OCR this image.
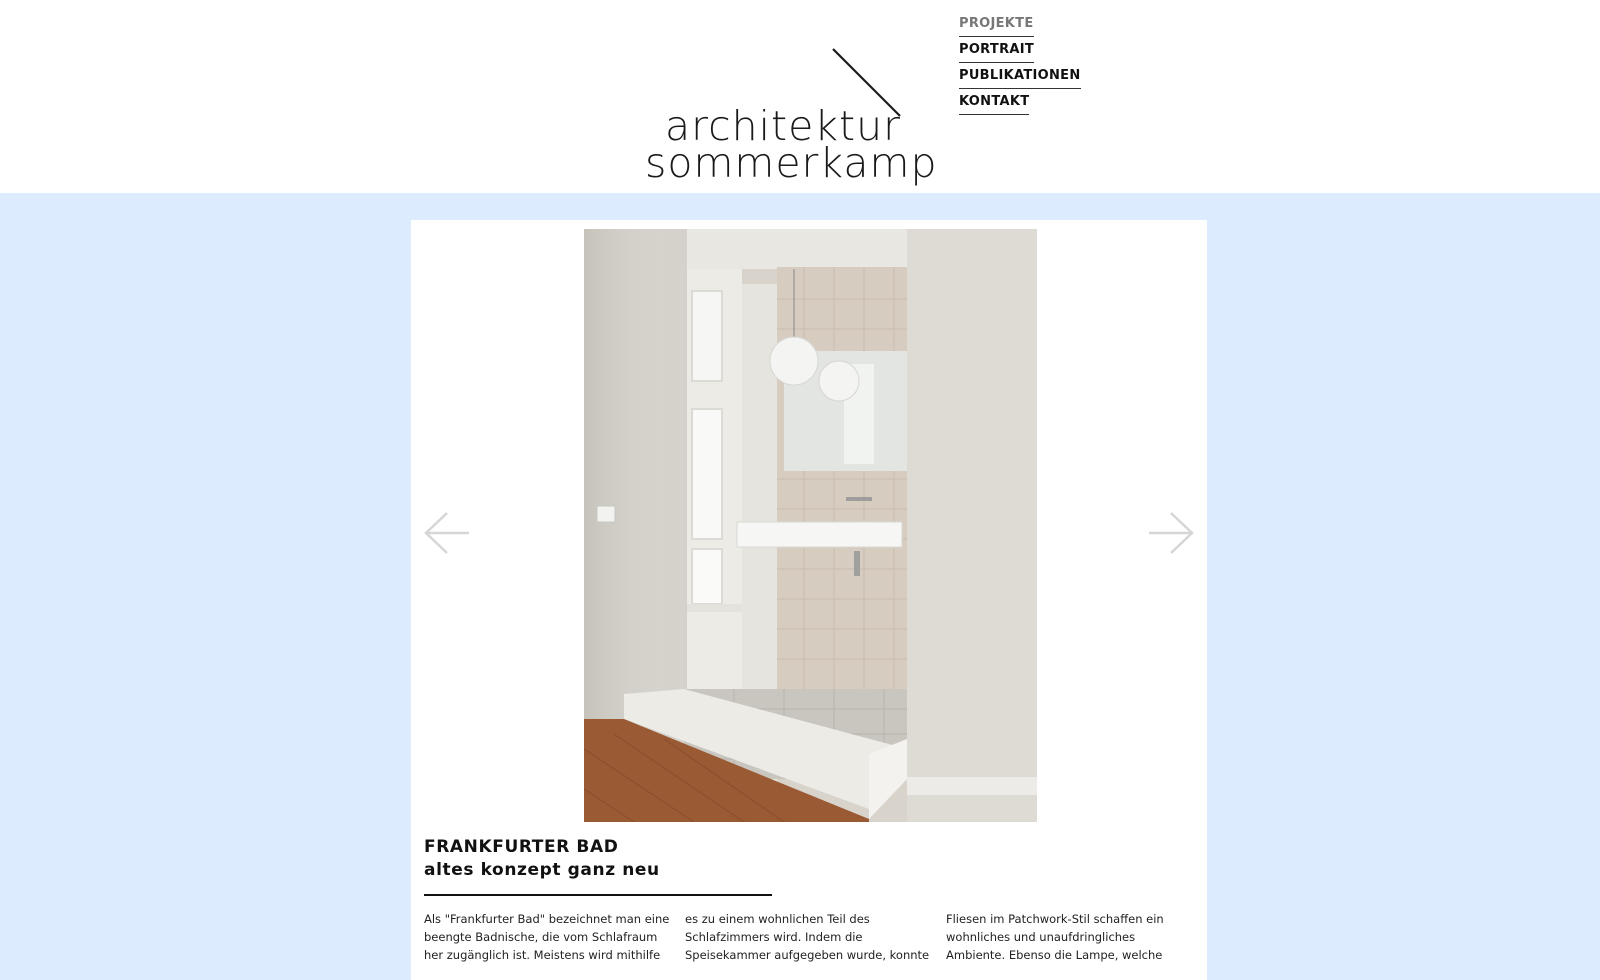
architektur
sommerkamp
PROJEKTE
PORTRAIT
PUBLIKATIONEN
KONTAKT
FRANKFURTER BAD
altes konzept ganz neu

Als "Frankfurter Bad" bezeichnet man eine

beengte Badnische, die vom Schlafraum

her zugänglich ist. Meistens wird mithilfe

es zu einem wohnlichen Teil des

Schlafzimmers wird. Indem die

Speisekammer aufgegeben wurde, konnte

Fliesen im Patchwork-Stil schaffen ein

wohnliches und unaufdringliches

Ambiente. Ebenso die Lampe, welche
